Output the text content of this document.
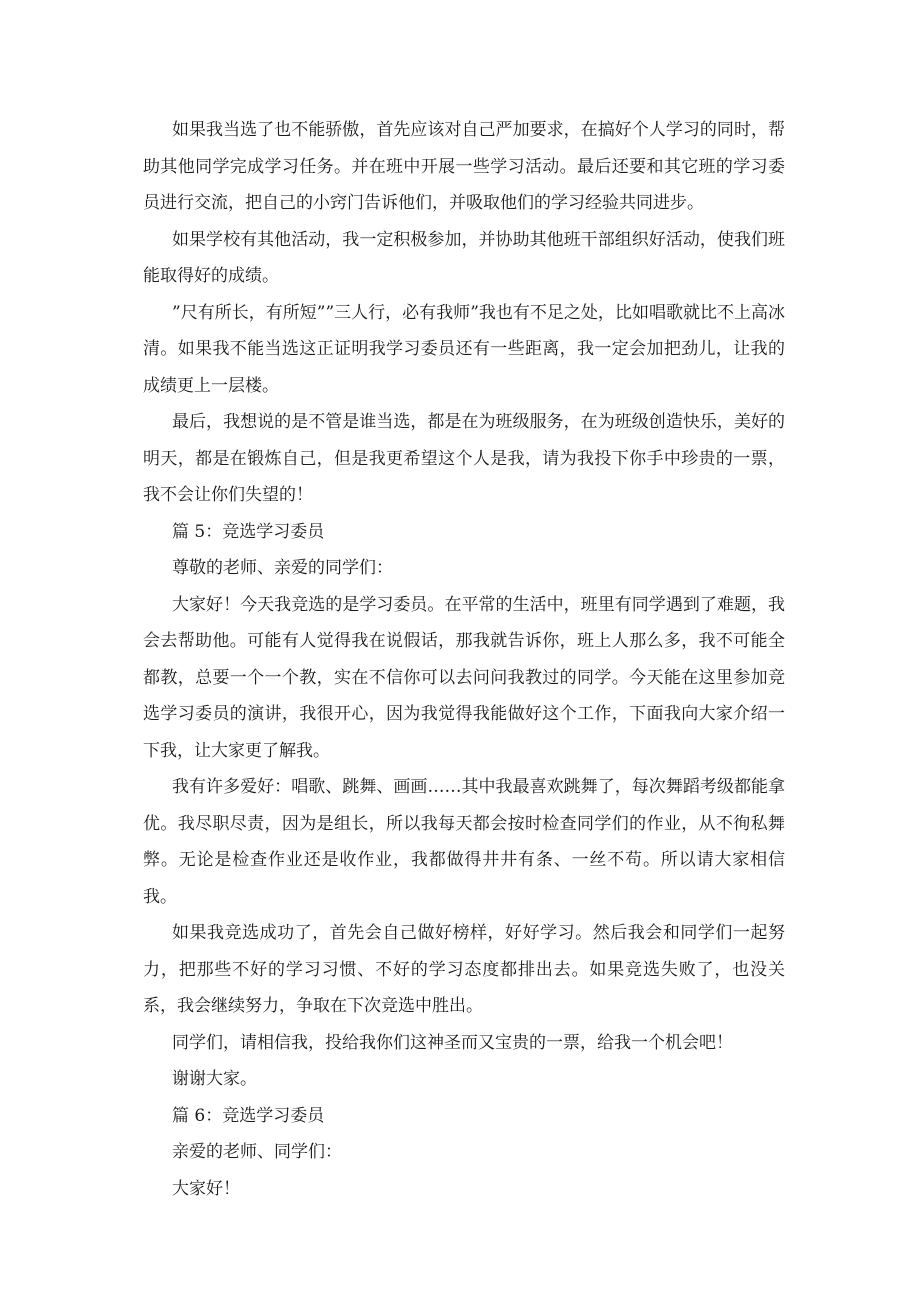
如果我当选了也不能骄傲，首先应该对自己严加要求，在搞好个人学习的同时，帮助其他同学完成学习任务。并在班中开展一些学习活动。最后还要和其它班的学习委员进行交流，把自己的小窍门告诉他们，并吸取他们的学习经验共同进步。

如果学校有其他活动，我一定积极参加，并协助其他班干部组织好活动，使我们班能取得好的成绩。

”尺有所长，有所短””三人行，必有我师”我也有不足之处，比如唱歌就比不上高冰清。如果我不能当选这正证明我学习委员还有一些距离，我一定会加把劲儿，让我的成绩更上一层楼。

最后，我想说的是不管是谁当选，都是在为班级服务，在为班级创造快乐，美好的明天，都是在锻炼自己，但是我更希望这个人是我，请为我投下你手中珍贵的一票，我不会让你们失望的！

篇 5：竞选学习委员

尊敬的老师、亲爱的同学们：

大家好！今天我竞选的是学习委员。在平常的生活中，班里有同学遇到了难题，我会去帮助他。可能有人觉得我在说假话，那我就告诉你，班上人那么多，我不可能全都教，总要一个一个教，实在不信你可以去问问我教过的同学。今天能在这里参加竞选学习委员的演讲，我很开心，因为我觉得我能做好这个工作，下面我向大家介绍一下我，让大家更了解我。

我有许多爱好：唱歌、跳舞、画画……其中我最喜欢跳舞了，每次舞蹈考级都能拿优。我尽职尽责，因为是组长，所以我每天都会按时检查同学们的作业，从不徇私舞弊。无论是检查作业还是收作业，我都做得井井有条、一丝不苟。所以请大家相信我。

如果我竞选成功了，首先会自己做好榜样，好好学习。然后我会和同学们一起努力，把那些不好的学习习惯、不好的学习态度都排出去。如果竞选失败了，也没关系，我会继续努力，争取在下次竞选中胜出。

同学们，请相信我，投给我你们这神圣而又宝贵的一票，给我一个机会吧！

谢谢大家。

篇 6：竞选学习委员

亲爱的老师、同学们：

大家好！
